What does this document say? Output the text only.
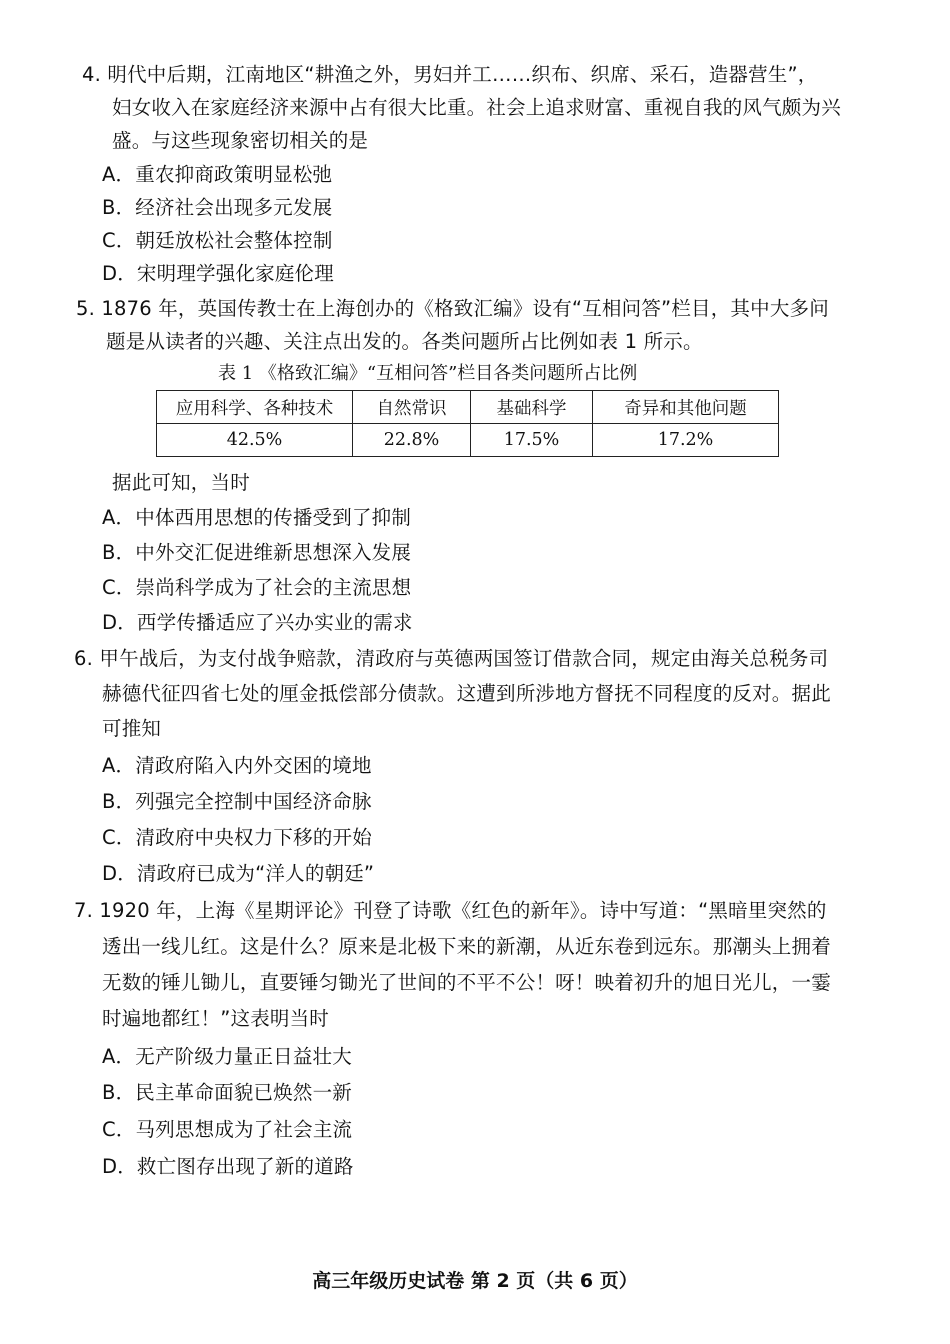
4. 明代中后期，江南地区“耕渔之外，男妇并工……织布、织席、采石，造器营生”，
妇女收入在家庭经济来源中占有很大比重。社会上追求财富、重视自我的风气颇为兴
盛。与这些现象密切相关的是
A．重农抑商政策明显松弛
B．经济社会出现多元发展
C．朝廷放松社会整体控制
D．宋明理学强化家庭伦理
5. 1876 年，英国传教士在上海创办的《格致汇编》设有“互相问答”栏目，其中大多问
题是从读者的兴趣、关注点出发的。各类问题所占比例如表 1 所示。
表 1 《格致汇编》“互相问答”栏目各类问题所占比例
应用科学、各种技术	自然常识	基础科学	奇异和其他问题
42.5%	22.8%	17.5%	17.2%
据此可知，当时
A．中体西用思想的传播受到了抑制
B．中外交汇促进维新思想深入发展
C．崇尚科学成为了社会的主流思想
D．西学传播适应了兴办实业的需求
6. 甲午战后，为支付战争赔款，清政府与英德两国签订借款合同，规定由海关总税务司
赫德代征四省七处的厘金抵偿部分债款。这遭到所涉地方督抚不同程度的反对。据此
可推知
A．清政府陷入内外交困的境地
B．列强完全控制中国经济命脉
C．清政府中央权力下移的开始
D．清政府已成为“洋人的朝廷”
7. 1920 年，上海《星期评论》刊登了诗歌《红色的新年》。诗中写道：“黑暗里突然的
透出一线儿红。这是什么？原来是北极下来的新潮，从近东卷到远东。那潮头上拥着
无数的锤儿锄儿，直要锤匀锄光了世间的不平不公！呀！映着初升的旭日光儿，一霎
时遍地都红！”这表明当时
A．无产阶级力量正日益壮大
B．民主革命面貌已焕然一新
C．马列思想成为了社会主流
D．救亡图存出现了新的道路
高三年级历史试卷 第 2 页（共 6 页）
